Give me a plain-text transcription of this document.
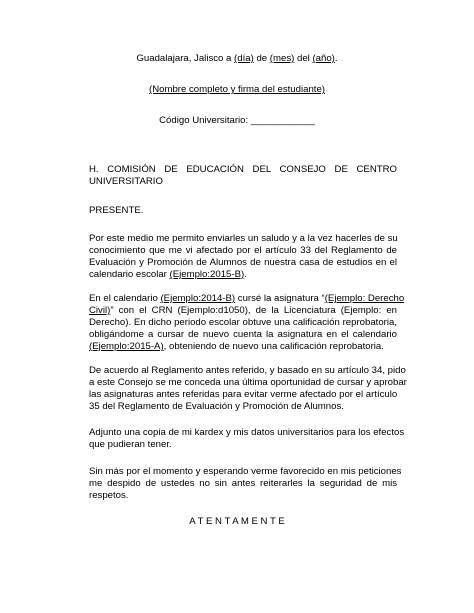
Guadalajara, Jalisco a (día) de (mes) del (año).
(Nombre completo y firma del estudiante)
Código Universitario: ____________
H. COMISIÓN DE EDUCACIÓN DEL CONSEJO DE CENTRO
UNIVERSITARIO
PRESENTE.
Por este medio me permito enviarles un saludo y a la vez hacerles de su
conocimiento que me vi afectado por el artículo 33 del Reglamento de
Evaluación y Promoción de Alumnos de nuestra casa de estudios en el
calendario escolar (Ejemplo:2015-B).
En el calendario (Ejemplo:2014-B) cursé la asignatura “(Ejemplo: Derecho
Civil)” con el CRN (Ejemplo:d1050), de la Licenciatura (Ejemplo: en
Derecho). En dicho periodo escolar obtuve una calificación reprobatoria,
obligándome a cursar de nuevo cuenta la asignatura en el calendario
(Ejemplo:2015-A), obteniendo de nuevo una calificación reprobatoria.
De acuerdo al Reglamento antes referido, y basado en su artículo 34, pido
a este Consejo se me conceda una última oportunidad de cursar y aprobar
las asignaturas antes referidas para evitar verme afectado por el artículo
35 del Reglamento de Evaluación y Promoción de Alumnos.
Adjunto una copia de mi kardex y mis datos universitarios para los efectos
que pudieran tener.
Sin más por el momento y esperando verme favorecido en mis peticiones
me despido de ustedes no sin antes reiterarles la seguridad de mis
respetos.
A T E N T A M E N T E
